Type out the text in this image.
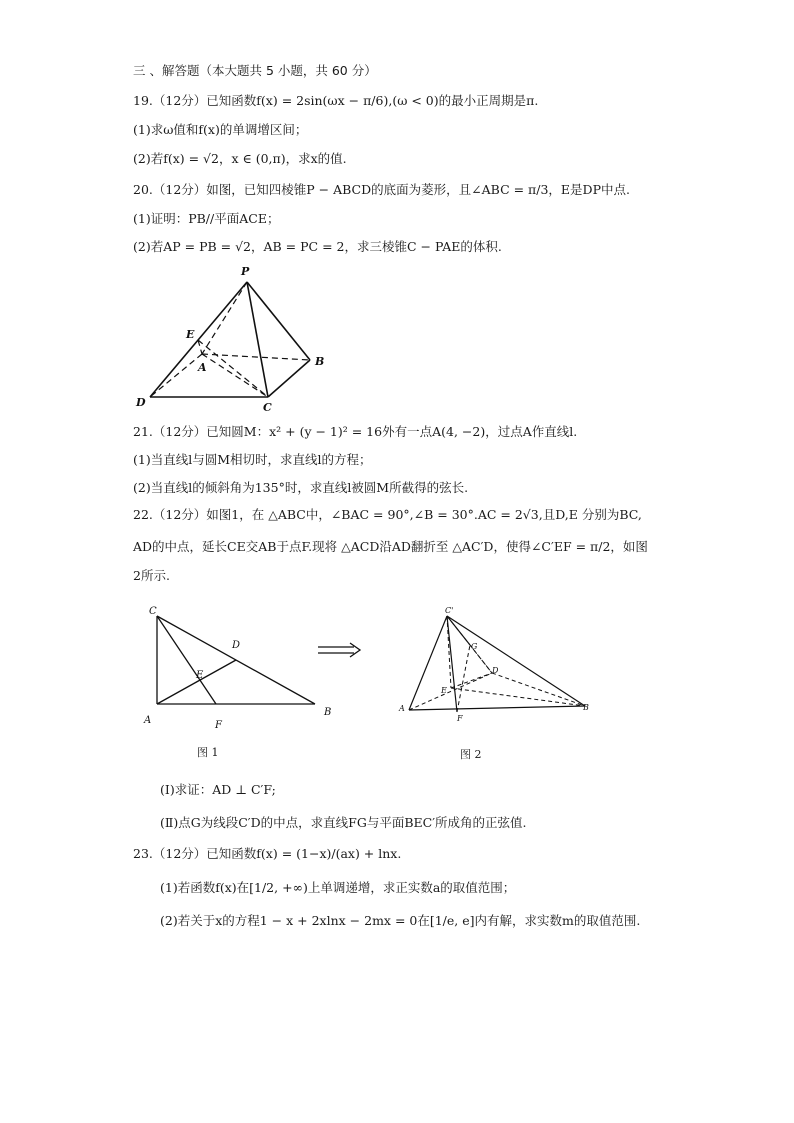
三 、解答题（本大题共 5 小题，共 60 分）
19.（12分）已知函数f(x) = 2sin(ωx − π/6),(ω < 0)的最小正周期是π.
(1)求ω值和f(x)的单调增区间；
(2)若f(x) = √2，x ∈ (0,π)，求x的值.
20.（12分）如图，已知四棱锥P − ABCD的底面为菱形，且∠ABC = π/3，E是DP中点.
(1)证明：PB//平面ACE；
(2)若AP = PB = √2，AB = PC = 2，求三棱锥C − PAE的体积.
P
E
A	B
C
D
21.（12分）已知圆M：x² + (y − 1)² = 16外有一点A(4, −2)，过点A作直线l.
(1)当直线l与圆M相切时，求直线l的方程；
(2)当直线l的倾斜角为135°时，求直线l被圆M所截得的弦长.
22.（12分）如图1，在 △ABC中，∠BAC = 90°,∠B = 30°.AC = 2√3,且D,E 分别为BC,
AD的中点，延长CE交AB于点F.现将 △ACD沿AD翻折至 △AC′D，使得∠C′EF = π/2，如图
2所示.
C
D
E
A	F
B
C'
G
D
E
A
F
B
图 1	图 2
(Ⅰ)求证：AD ⊥ C′F;
(Ⅱ)点G为线段C′D的中点，求直线FG与平面BEC′所成角的正弦值.
23.（12分）已知函数f(x) = (1−x)/(ax) + lnx.
(1)若函数f(x)在[1/2, +∞)上单调递增，求正实数a的取值范围；
(2)若关于x的方程1 − x + 2xlnx − 2mx = 0在[1/e, e]内有解，求实数m的取值范围.
